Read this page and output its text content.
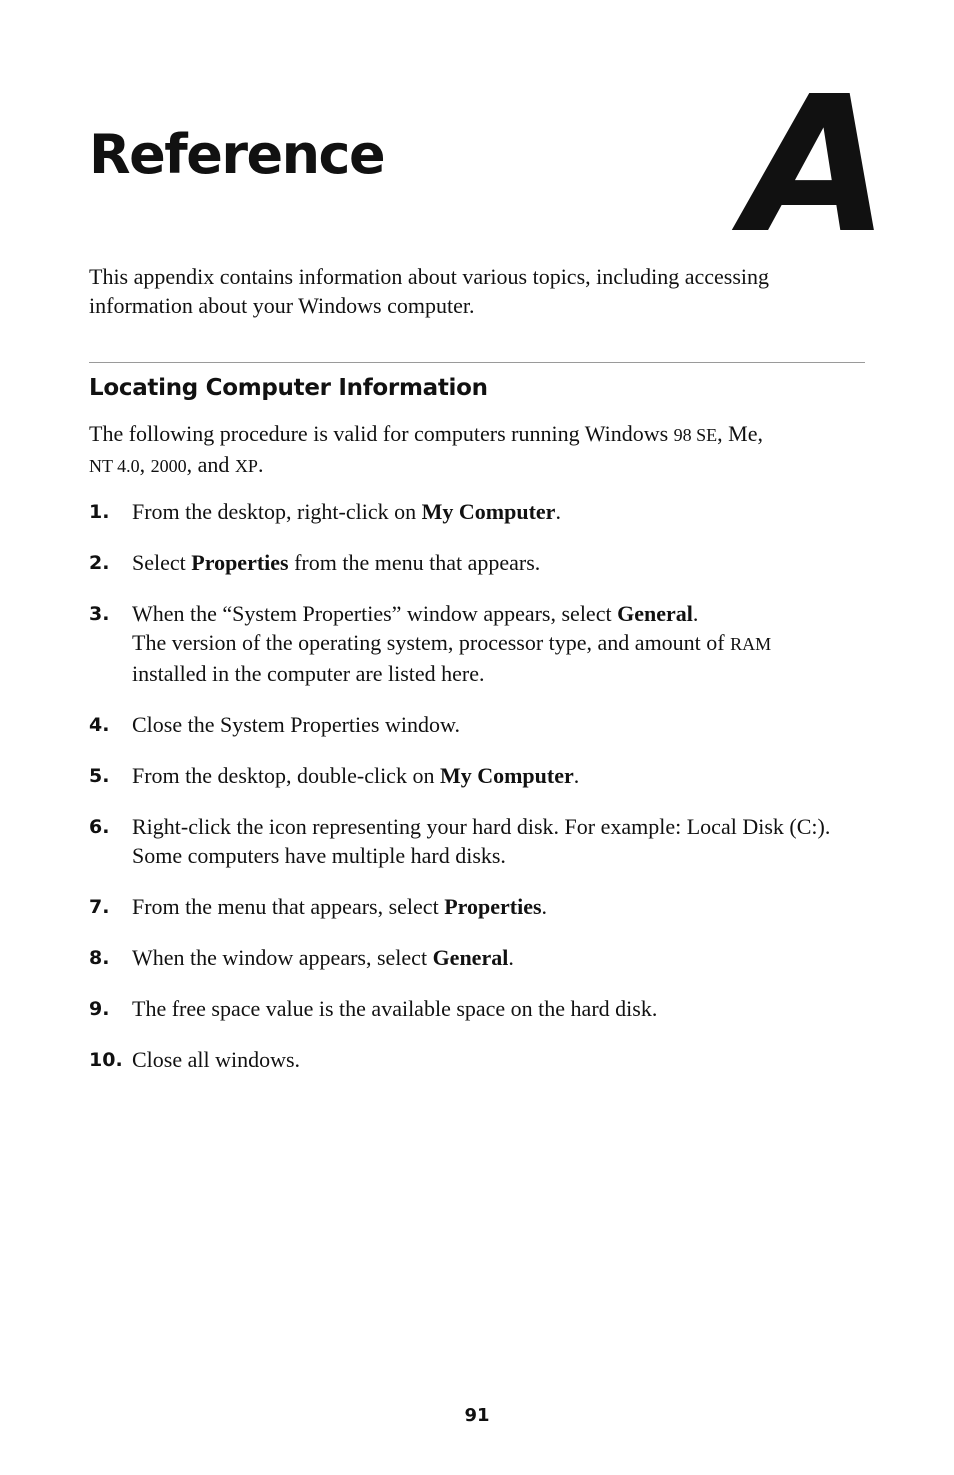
Reference A

This appendix contains information about various topics, including accessing information about your Windows computer.

Locating Computer Information

The following procedure is valid for computers running Windows 98 SE, Me,
NT 4.0, 2000, and XP.

1. From the desktop, right-click on My Computer.
2. Select Properties from the menu that appears.
3. When the “System Properties” window appears, select General.
The version of the operating system, processor type, and amount of RAM
installed in the computer are listed here.
4. Close the System Properties window.
5. From the desktop, double-click on My Computer.
6. Right-click the icon representing your hard disk. For example: Local Disk (C:).
Some computers have multiple hard disks.
7. From the menu that appears, select Properties.
8. When the window appears, select General.
9. The free space value is the available space on the hard disk.
10. Close all windows.
91
